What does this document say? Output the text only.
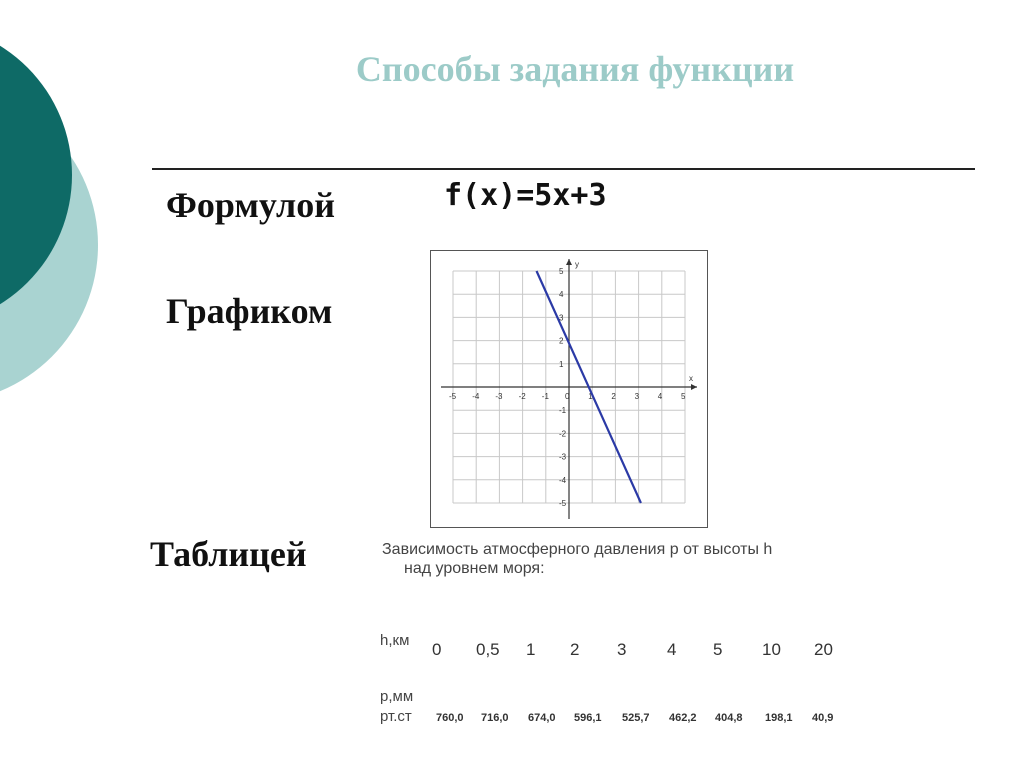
Способы задания функции
Формулой	f(x)=5x+3
Графиком
x
y
-5 -4 -3 -2 -1 0 1 2 3 4 5
5
4
3
2
1
-1
-2
-3
-4
-5
Таблицей	Зависимость атмосферного давления р от высоты h
над уровнем моря:
h,км
р,мм
рт.ст
0 0,5 1 2 3 4 5 10 20
760,0 716,0 674,0 596,1 525,7 462,2 404,8 198,1 40,9
